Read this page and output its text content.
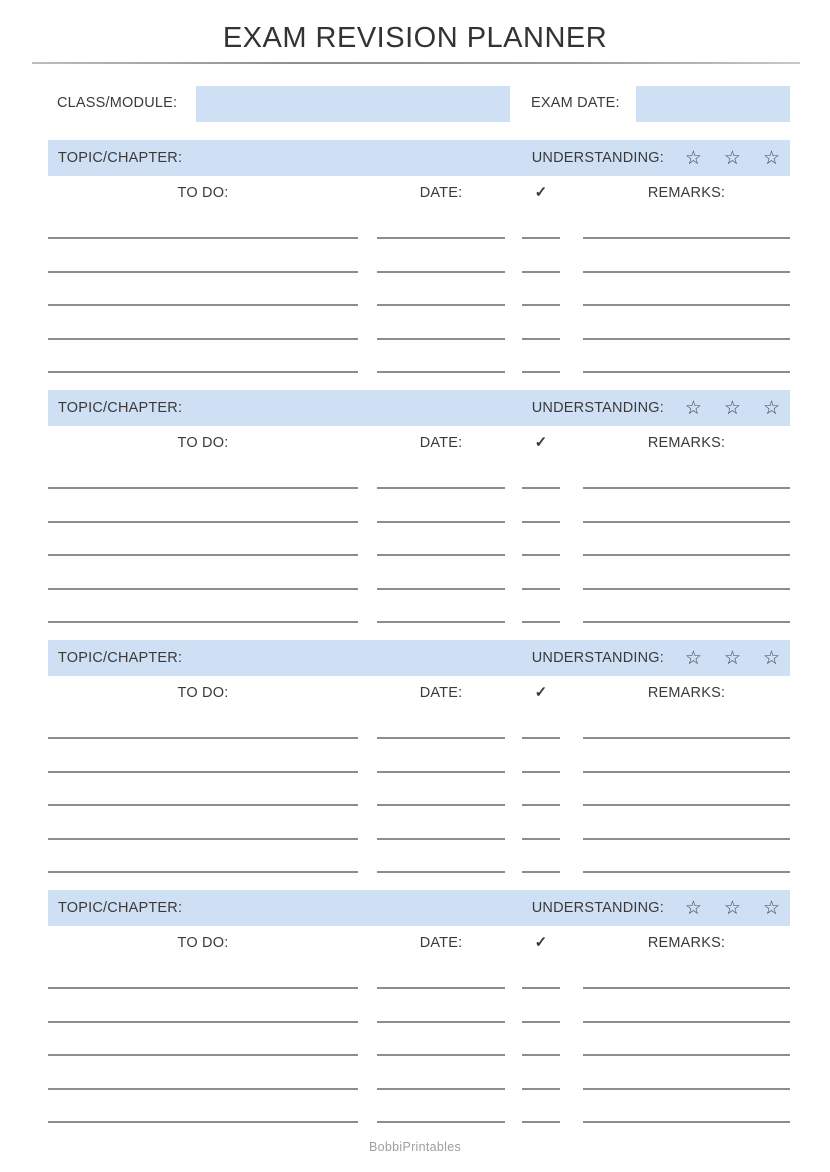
EXAM REVISION PLANNER
CLASS/MODULE:	EXAM DATE:
TOPIC/CHAPTER:	UNDERSTANDING: ☆ ☆ ☆
TO DO:	DATE:	✓	REMARKS:
TOPIC/CHAPTER:	UNDERSTANDING: ☆ ☆ ☆
TO DO:	DATE:	✓	REMARKS:
TOPIC/CHAPTER:	UNDERSTANDING: ☆ ☆ ☆
TO DO:	DATE:	✓	REMARKS:
TOPIC/CHAPTER:	UNDERSTANDING: ☆ ☆ ☆
TO DO:	DATE:	✓	REMARKS:
BobbiPrintables
